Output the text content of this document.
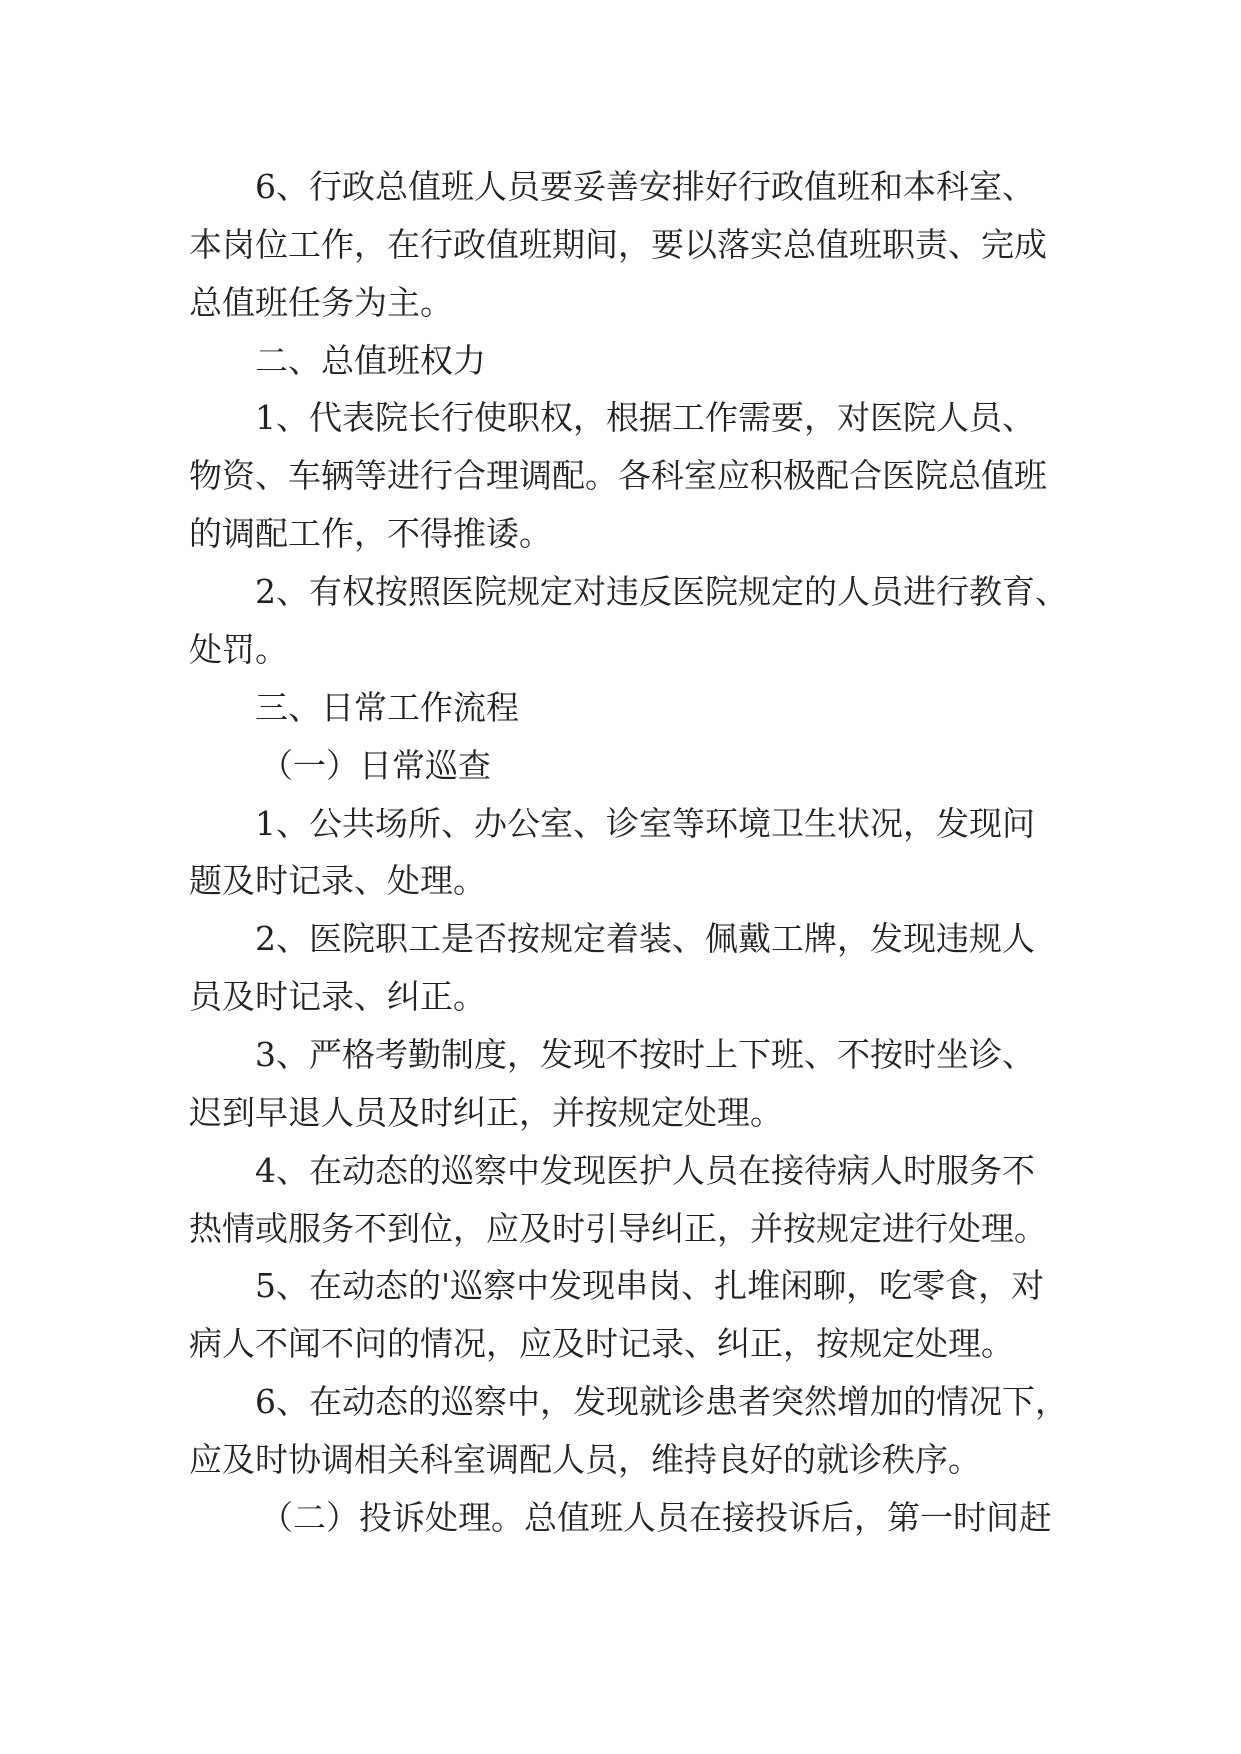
6、行政总值班人员要妥善安排好行政值班和本科室、
本岗位工作，在行政值班期间，要以落实总值班职责、完成
总值班任务为主。
二、总值班权力
1、代表院长行使职权，根据工作需要，对医院人员、
物资、车辆等进行合理调配。各科室应积极配合医院总值班
的调配工作，不得推诿。
2、有权按照医院规定对违反医院规定的人员进行教育、
处罚。
三、日常工作流程
（一）日常巡查
1、公共场所、办公室、诊室等环境卫生状况，发现问
题及时记录、处理。
2、医院职工是否按规定着装、佩戴工牌，发现违规人
员及时记录、纠正。
3、严格考勤制度，发现不按时上下班、不按时坐诊、
迟到早退人员及时纠正，并按规定处理。
4、在动态的巡察中发现医护人员在接待病人时服务不
热情或服务不到位，应及时引导纠正，并按规定进行处理。
5、在动态的'巡察中发现串岗、扎堆闲聊，吃零食，对
病人不闻不问的情况，应及时记录、纠正，按规定处理。
6、在动态的巡察中，发现就诊患者突然增加的情况下，
应及时协调相关科室调配人员，维持良好的就诊秩序。
（二）投诉处理。总值班人员在接投诉后，第一时间赶
